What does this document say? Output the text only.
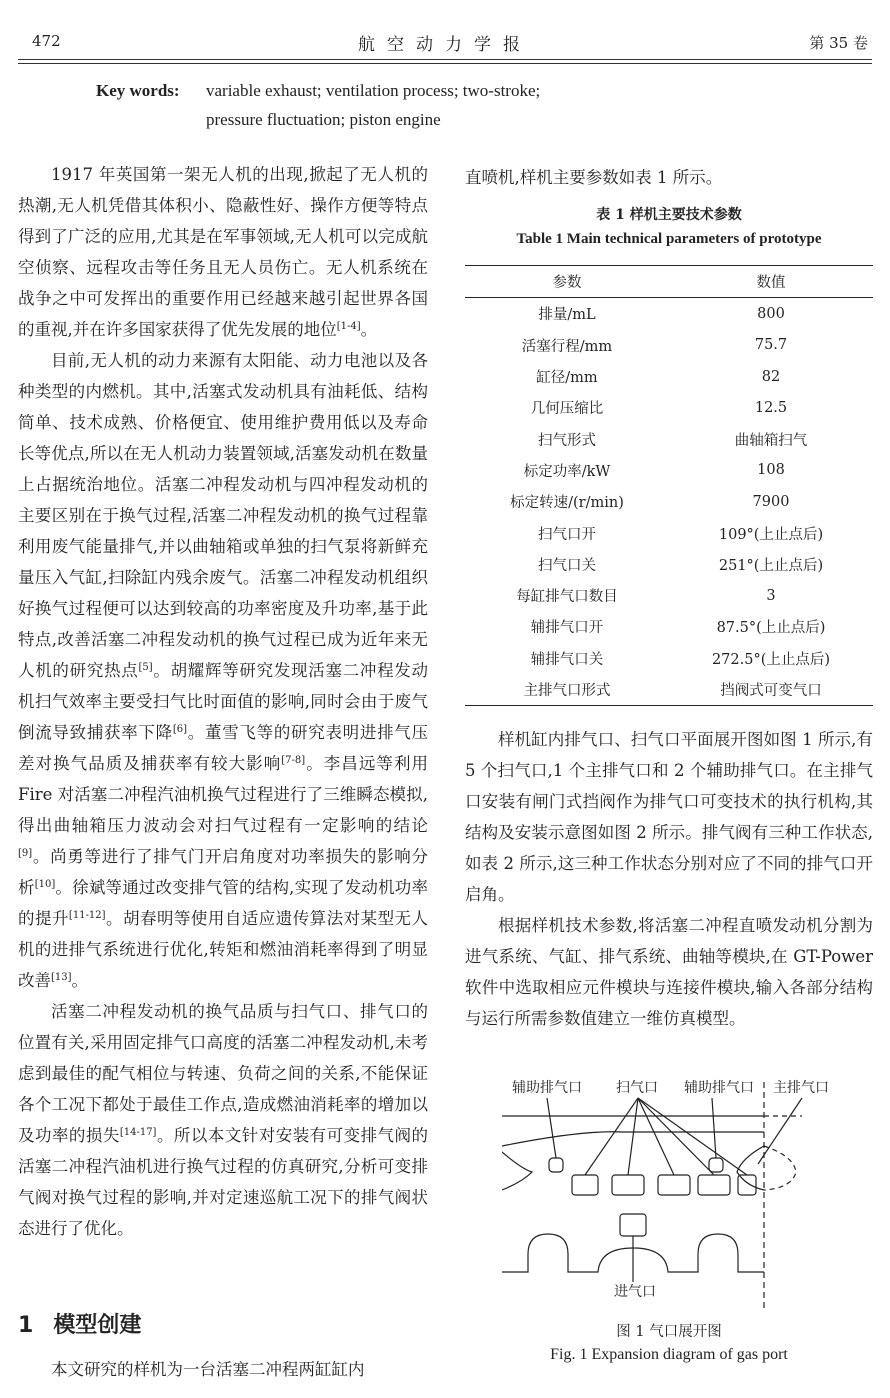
472	航空动力学报	第 35 卷
Key words: variable exhaust; ventilation process; two-stroke;
pressure fluctuation; piston engine

1917 年英国第一架无人机的出现,掀起了无人机的热潮,无人机凭借其体积小、隐蔽性好、操作方便等特点得到了广泛的应用,尤其是在军事领域,无人机可以完成航空侦察、远程攻击等任务且无人员伤亡。无人机系统在战争之中可发挥出的重要作用已经越来越引起世界各国的重视,并在许多国家获得了优先发展的地位[1-4]。

目前,无人机的动力来源有太阳能、动力电池以及各种类型的内燃机。其中,活塞式发动机具有油耗低、结构简单、技术成熟、价格便宜、使用维护费用低以及寿命长等优点,所以在无人机动力装置领域,活塞发动机在数量上占据统治地位。活塞二冲程发动机与四冲程发动机的主要区别在于换气过程,活塞二冲程发动机的换气过程靠利用废气能量排气,并以曲轴箱或单独的扫气泵将新鲜充量压入气缸,扫除缸内残余废气。活塞二冲程发动机组织好换气过程便可以达到较高的功率密度及升功率,基于此特点,改善活塞二冲程发动机的换气过程已成为近年来无人机的研究热点[5]。胡耀辉等研究发现活塞二冲程发动机扫气效率主要受扫气比时面值的影响,同时会由于废气倒流导致捕获率下降[6]。董雪飞等的研究表明进排气压差对换气品质及捕获率有较大影响[7-8]。李昌远等利用 Fire 对活塞二冲程汽油机换气过程进行了三维瞬态模拟,得出曲轴箱压力波动会对扫气过程有一定影响的结论[9]。尚勇等进行了排气门开启角度对功率损失的影响分析[10]。徐斌等通过改变排气管的结构,实现了发动机功率的提升[11-12]。胡春明等使用自适应遗传算法对某型无人机的进排气系统进行优化,转矩和燃油消耗率得到了明显改善[13]。

活塞二冲程发动机的换气品质与扫气口、排气口的位置有关,采用固定排气口高度的活塞二冲程发动机,未考虑到最佳的配气相位与转速、负荷之间的关系,不能保证各个工况下都处于最佳工作点,造成燃油消耗率的增加以及功率的损失[14-17]。所以本文针对安装有可变排气阀的活塞二冲程汽油机进行换气过程的仿真研究,分析可变排气阀对换气过程的影响,并对定速巡航工况下的排气阀状态进行了优化。

1 模型创建
本文研究的样机为一台活塞二冲程两缸缸内

直喷机,样机主要参数如表 1 所示。

表 1 样机主要技术参数
Table 1 Main technical parameters of prototype
参数	数值
排量/mL	800
活塞行程/mm	75.7
缸径/mm	82
几何压缩比	12.5
扫气形式	曲轴箱扫气
标定功率/kW	108
标定转速/(r/min)	7900
扫气口开	109°(上止点后)
扫气口关	251°(上止点后)
每缸排气口数目	3
辅排气口开	87.5°(上止点后)
辅排气口关	272.5°(上止点后)
主排气口形式	挡阀式可变气口

样机缸内排气口、扫气口平面展开图如图 1 所示,有 5 个扫气口,1 个主排气口和 2 个辅助排气口。在主排气口安装有闸门式挡阀作为排气口可变技术的执行机构,其结构及安装示意图如图 2 所示。排气阀有三种工作状态,如表 2 所示,这三种工作状态分别对应了不同的排气口开启角。

根据样机技术参数,将活塞二冲程直喷发动机分割为进气系统、气缸、排气系统、曲轴等模块,在 GT-Power 软件中选取相应元件模块与连接件模块,输入各部分结构与运行所需参数值建立一维仿真模型。

辅助排气口 扫气口 辅助排气口 主排气口
进气口
图 1 气口展开图
Fig. 1 Expansion diagram of gas port
